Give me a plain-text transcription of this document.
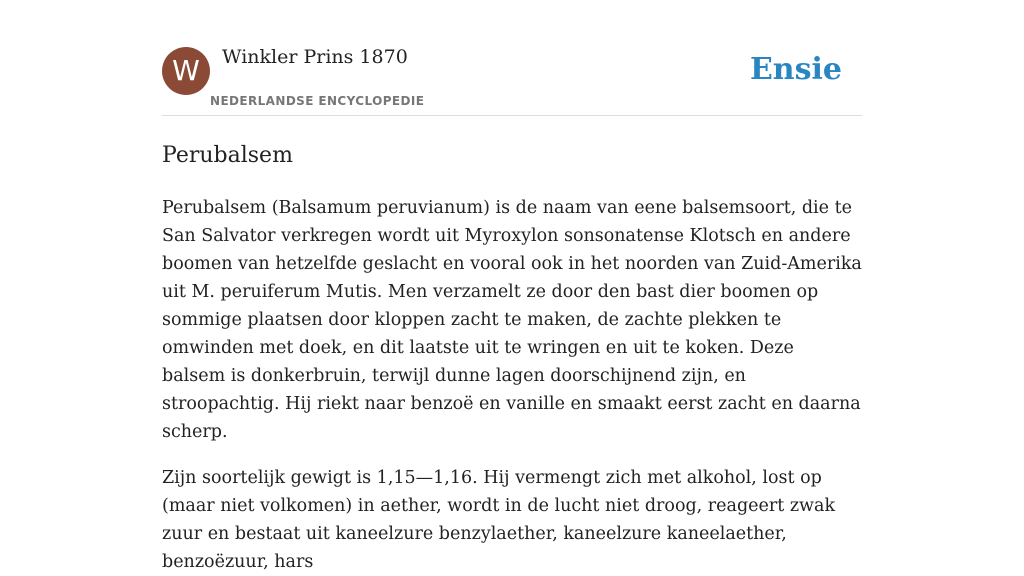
W	Winkler Prins 1870
NEDERLANDSE ENCYCLOPEDIE
Ensie
Perubalsem

Perubalsem (Balsamum peruvianum) is de naam van eene balsemsoort, die te San Salvator verkregen wordt uit Myroxylon sonsonatense Klotsch en andere boomen van hetzelfde geslacht en vooral ook in het noorden van Zuid-Amerika uit M. peruiferum Mutis. Men verzamelt ze door den bast dier boomen op sommige plaatsen door kloppen zacht te maken, de zachte plekken te omwinden met doek, en dit laatste uit te wringen en uit te koken. Deze balsem is donkerbruin, terwijl dunne lagen doorschijnend zijn, en stroopachtig. Hij riekt naar benzoë en vanille en smaakt eerst zacht en daarna scherp.

Zijn soortelijk gewigt is 1,15—1,16. Hij vermengt zich met alkohol, lost op (maar niet volkomen) in aether, wordt in de lucht niet droog, reageert zwak zuur en bestaat uit kaneelzure benzylaether, kaneelzure kaneelaether, benzoëzuur, hars
